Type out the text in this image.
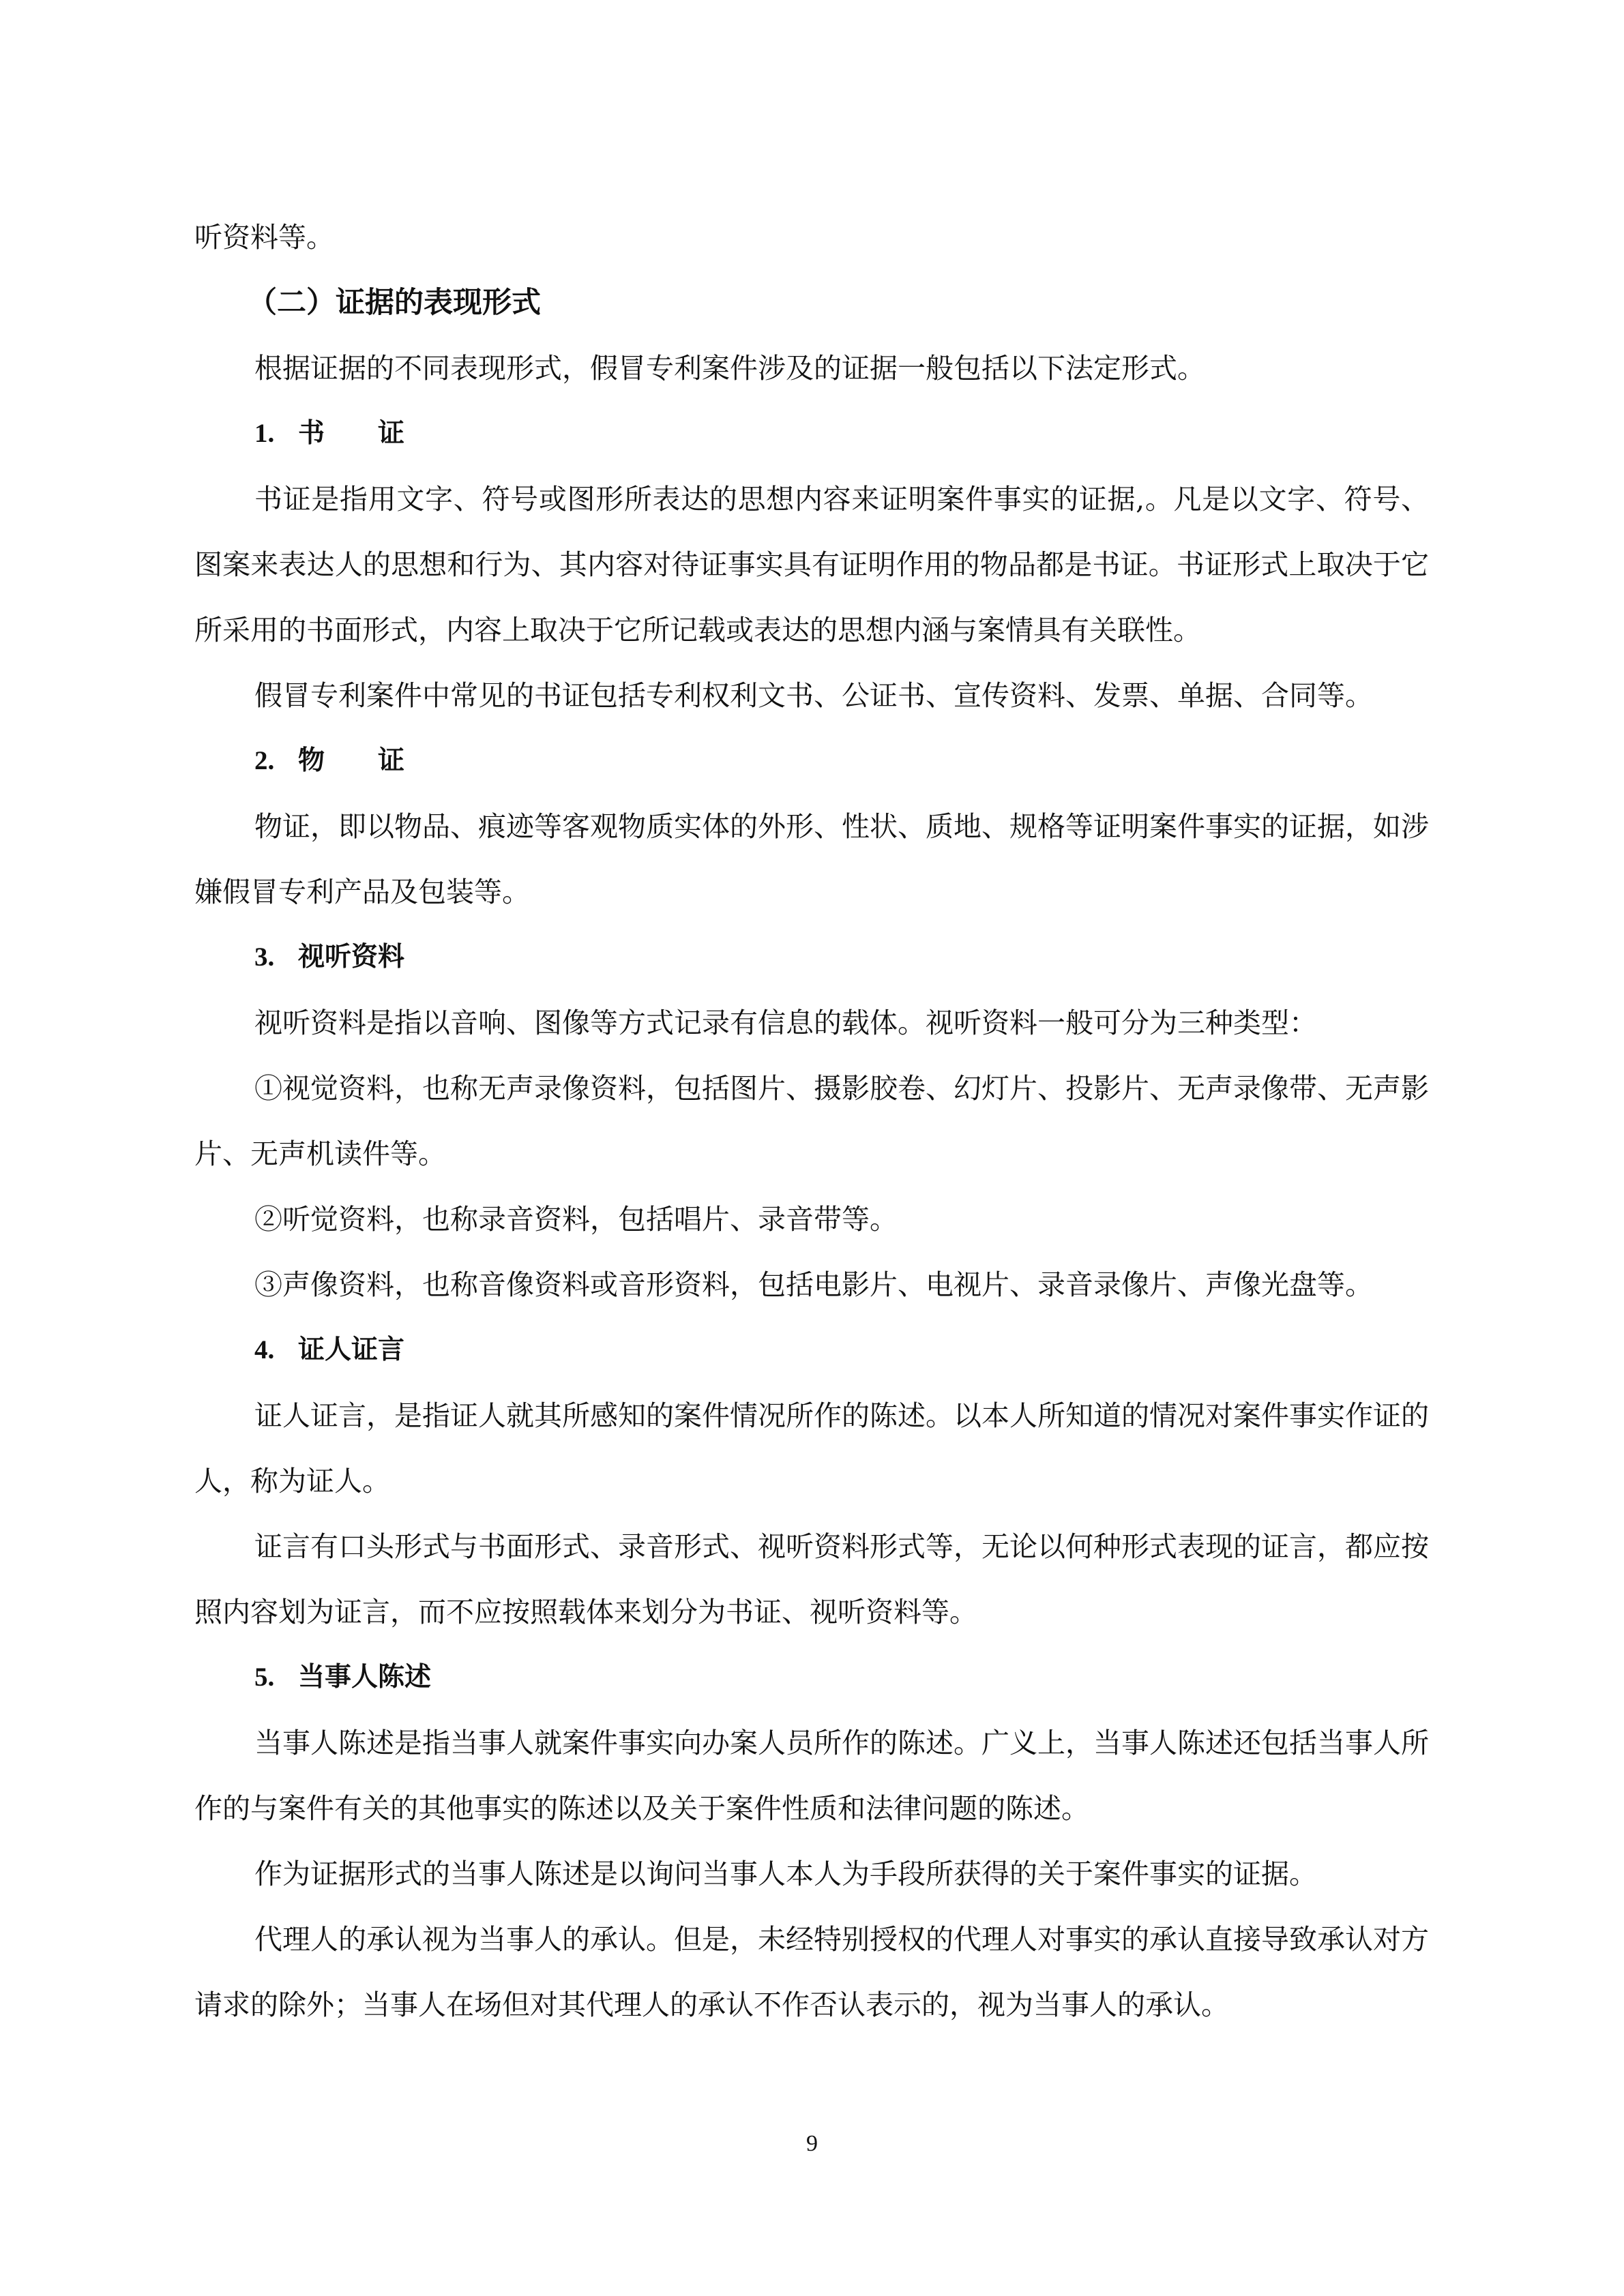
听资料等。

（二）证据的表现形式

根据证据的不同表现形式，假冒专利案件涉及的证据一般包括以下法定形式。

1. 书　　证

书证是指用文字、符号或图形所表达的思想内容来证明案件事实的证据,。凡是以文字、符号、图案来表达人的思想和行为、其内容对待证事实具有证明作用的物品都是书证。书证形式上取决于它所采用的书面形式，内容上取决于它所记载或表达的思想内涵与案情具有关联性。

假冒专利案件中常见的书证包括专利权利文书、公证书、宣传资料、发票、单据、合同等。

2. 物　　证

物证，即以物品、痕迹等客观物质实体的外形、性状、质地、规格等证明案件事实的证据，如涉嫌假冒专利产品及包装等。

3. 视听资料

视听资料是指以音响、图像等方式记录有信息的载体。视听资料一般可分为三种类型：

①视觉资料，也称无声录像资料，包括图片、摄影胶卷、幻灯片、投影片、无声录像带、无声影片、无声机读件等。

②听觉资料，也称录音资料，包括唱片、录音带等。

③声像资料，也称音像资料或音形资料，包括电影片、电视片、录音录像片、声像光盘等。

4. 证人证言

证人证言，是指证人就其所感知的案件情况所作的陈述。以本人所知道的情况对案件事实作证的人，称为证人。

证言有口头形式与书面形式、录音形式、视听资料形式等，无论以何种形式表现的证言，都应按照内容划为证言，而不应按照载体来划分为书证、视听资料等。

5. 当事人陈述

当事人陈述是指当事人就案件事实向办案人员所作的陈述。广义上，当事人陈述还包括当事人所作的与案件有关的其他事实的陈述以及关于案件性质和法律问题的陈述。

作为证据形式的当事人陈述是以询问当事人本人为手段所获得的关于案件事实的证据。

代理人的承认视为当事人的承认。但是，未经特别授权的代理人对事实的承认直接导致承认对方请求的除外；当事人在场但对其代理人的承认不作否认表示的，视为当事人的承认。

9
